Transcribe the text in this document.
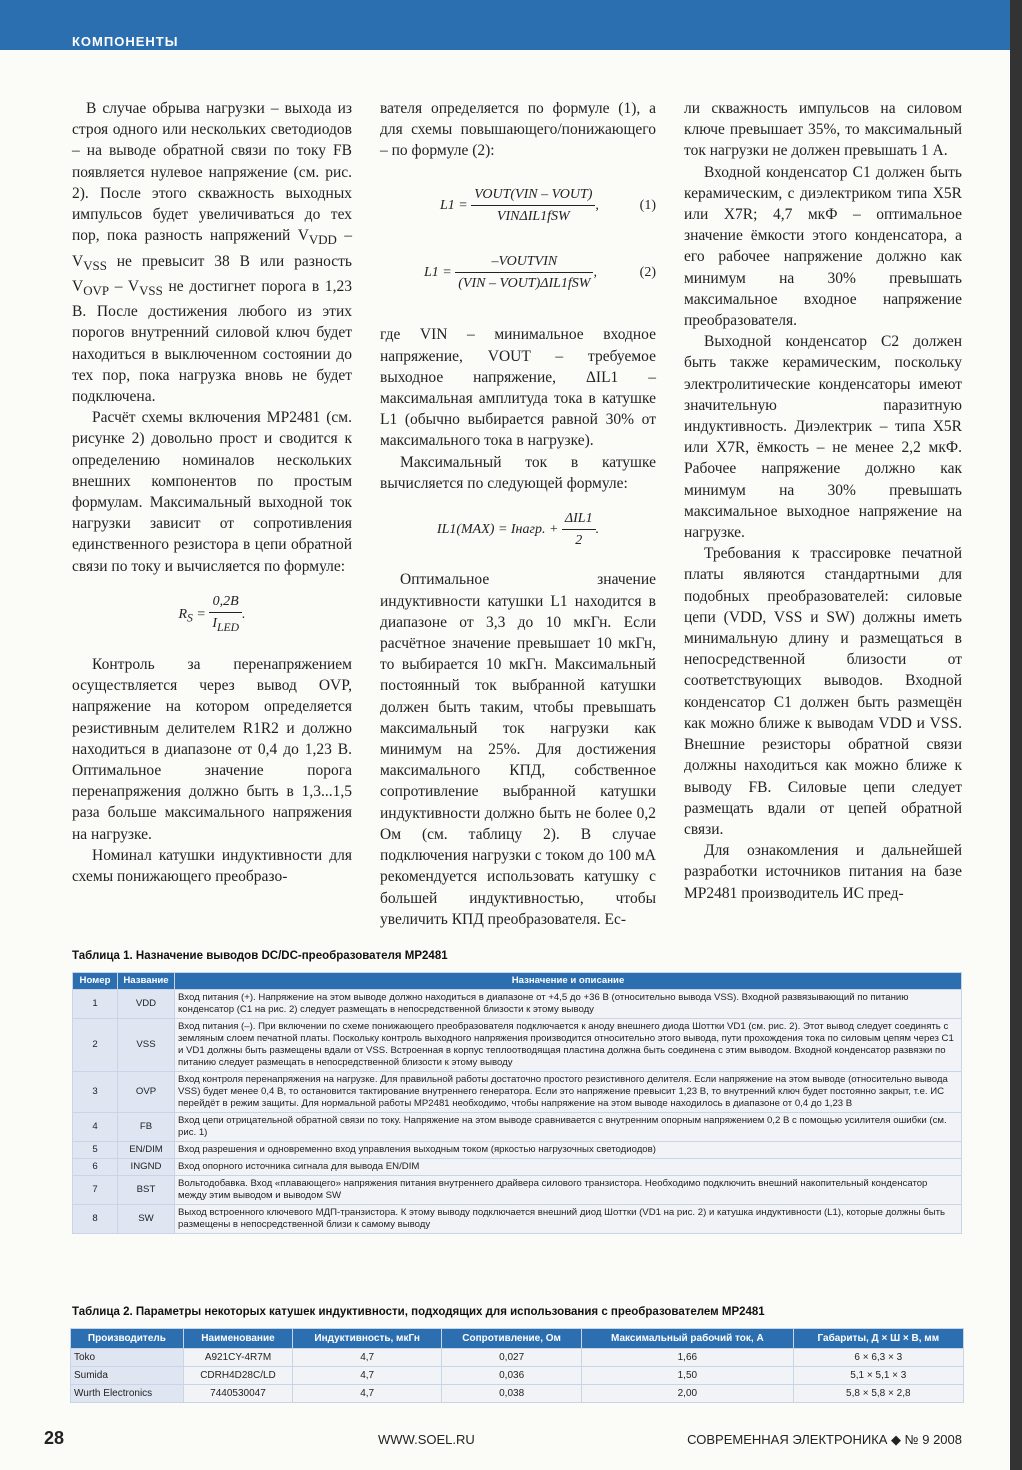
КОМПОНЕНТЫ

В случае обрыва нагрузки – выхода из строя одного или нескольких светодиодов – на выводе обратной связи по току FB появляется нулевое напряжение (см. рис. 2). После этого скважность выходных импульсов будет увеличиваться до тех пор, пока разность напряжений $V_{VDD} - V_{VSS}$ не превысит 38 В или разность $V_{OVP} - V_{VSS}$ не достигнет порога в 1,23 В. После достижения любого из этих порогов внутренний силовой ключ будет находиться в выключенном состоянии до тех пор, пока нагрузка вновь не будет подключена.

Расчёт схемы включения MP2481 (см. рисунке 2) довольно прост и сводится к определению номиналов нескольких внешних компонентов по простым формулам. Максимальный выходной ток нагрузки зависит от сопротивления единственного резистора в цепи обратной связи по току и вычисляется по формуле:

$R_S = \frac{0,2B}{I_{LED}}$ .

Контроль за перенапряжением осуществляется через вывод OVP, напряжение на котором определяется резистивным делителем R1R2 и должно находиться в диапазоне от 0,4 до 1,23 В. Оптимальное значение порога перенапряжения должно быть в 1,3...1,5 раза больше максимального напряжения на нагрузке.

Номинал катушки индуктивности для схемы понижающего преобразо-

вателя определяется по формуле (1), а для схемы повышающего/понижающего – по формуле (2):

$L1 = \frac{\text{VOUT(VIN – VOUT)}}{\text{VINΔIL1fSW}}$ ,	(1)
$L1 = \frac{\text{–VOUTVIN}}{\text{(VIN – VOUT)ΔIL1fSW}}$ ,	(2)

где VIN – минимальное входное напряжение, VOUT – требуемое выходное напряжение, ΔIL1 – максимальная амплитуда тока в катушке L1 (обычно выбирается равной 30% от максимального тока в нагрузке).

Максимальный ток в катушке вычисляется по следующей формуле:

IL1(MAX) = Iнагр. + $\frac{\text{ΔIL1}}{2}$ .

Оптимальное значение индуктивности катушки L1 находится в диапазоне от 3,3 до 10 мкГн. Если расчётное значение превышает 10 мкГн, то выбирается 10 мкГн. Максимальный постоянный ток выбранной катушки должен быть таким, чтобы превышать максимальный ток нагрузки как минимум на 25%. Для достижения максимального КПД, собственное сопротивление выбранной катушки индуктивности должно быть не более 0,2 Ом (см. таблицу 2). В случае подключения нагрузки с током до 100 мА рекомендуется использовать катушку с большей индуктивностью, чтобы увеличить КПД преобразователя. Ес-

ли скважность импульсов на силовом ключе превышает 35%, то максимальный ток нагрузки не должен превышать 1 А.

Входной конденсатор C1 должен быть керамическим, с диэлектриком типа X5R или X7R; 4,7 мкФ – оптимальное значение ёмкости этого конденсатора, а его рабочее напряжение должно как минимум на 30% превышать максимальное входное напряжение преобразователя.

Выходной конденсатор C2 должен быть также керамическим, поскольку электролитические конденсаторы имеют значительную паразитную индуктивность. Диэлектрик – типа X5R или X7R, ёмкость – не менее 2,2 мкФ. Рабочее напряжение должно как минимум на 30% превышать максимальное выходное напряжение на нагрузке.

Требования к трассировке печатной платы являются стандартными для подобных преобразователей: силовые цепи (VDD, VSS и SW) должны иметь минимальную длину и размещаться в непосредственной близости от соответствующих выводов. Входной конденсатор C1 должен быть размещён как можно ближе к выводам VDD и VSS. Внешние резисторы обратной связи должны находиться как можно ближе к выводу FB. Силовые цепи следует размещать вдали от цепей обратной связи.

Для ознакомления и дальнейшей разработки источников питания на базе MP2481 производитель ИС пред-

Таблица 1. Назначение выводов DC/DC-преобразователя MP2481
Номер	Название	Назначение и описание
1	VDD	Вход питания (+). Напряжение на этом выводе должно находиться в диапазоне от +4,5 до +36 В (относительно вывода VSS). Входной развязывающий по питанию конденсатор (C1 на рис. 2) следует размещать в непосредственной близости к этому выводу
2	VSS	Вход питания (–). При включении по схеме понижающего преобразователя подключается к аноду внешнего диода Шоттки VD1 (см. рис. 2). Этот вывод следует соединять с земляным слоем печатной платы. Поскольку контроль выходного напряжения производится относительно этого вывода, пути прохождения тока по силовым цепям через C1 и VD1 должны быть размещены вдали от VSS. Встроенная в корпус теплоотводящая пластина должна быть соединена с этим выводом. Входной конденсатор развязки по питанию следует размещать в непосредственной близости к этому выводу
3	OVP	Вход контроля перенапряжения на нагрузке. Для правильной работы достаточно простого резистивного делителя. Если напряжение на этом выводе (относительно вывода VSS) будет менее 0,4 В, то остановится тактирование внутреннего генератора. Если это напряжение превысит 1,23 В, то внутренний ключ будет постоянно закрыт, т.е. ИС перейдёт в режим защиты. Для нормальной работы MP2481 необходимо, чтобы напряжение на этом выводе находилось в диапазоне от 0,4 до 1,23 В
4	FB	Вход цепи отрицательной обратной связи по току. Напряжение на этом выводе сравнивается с внутренним опорным напряжением 0,2 В с помощью усилителя ошибки (см. рис. 1)
5	EN/DIM	Вход разрешения и одновременно вход управления выходным током (яркостью нагрузочных светодиодов)
6	INGND	Вход опорного источника сигнала для вывода EN/DIM
7	BST	Вольтодобавка. Вход «плавающего» напряжения питания внутреннего драйвера силового транзистора. Необходимо подключить внешний накопительный конденсатор между этим выводом и выводом SW
8	SW	Выход встроенного ключевого МДП-транзистора. К этому выводу подключается внешний диод Шоттки (VD1 на рис. 2) и катушка индуктивности (L1), которые должны быть размещены в непосредственной близи к самому выводу
Таблица 2. Параметры некоторых катушек индуктивности, подходящих для использования с преобразователем MP2481
Производитель	Наименование	Индуктивность, мкГн	Сопротивление, Ом	Максимальный рабочий ток, А	Габариты, Д × Ш × В, мм
Toko	A921CY-4R7M	4,7	0,027	1,66	6 × 6,3 × 3
Sumida	CDRH4D28C/LD	4,7	0,036	1,50	5,1 × 5,1 × 3
Wurth Electronics	7440530047	4,7	0,038	2,00	5,8 × 5,8 × 2,8
28	WWW.SOEL.RU	СОВРЕМЕННАЯ ЭЛЕКТРОНИКА ◆ № 9 2008
